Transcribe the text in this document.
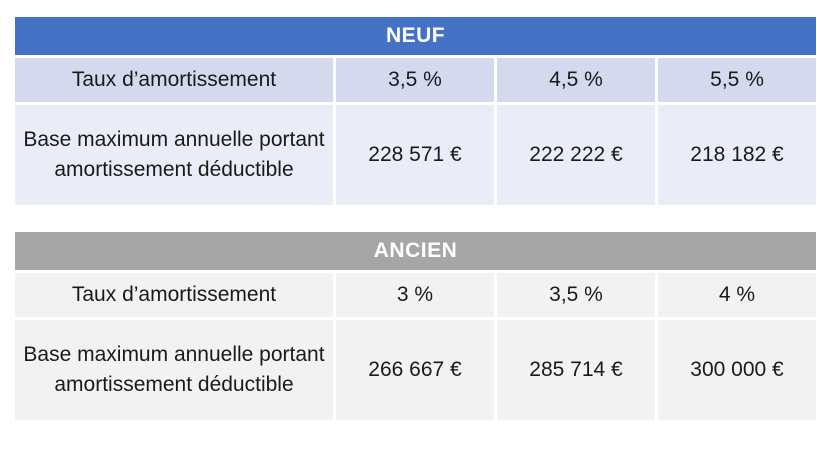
NEUF			
Taux d’amortissement	3,5 %	4,5 %	5,5 %
Base maximum annuelle portant amortissement déductible	228 571 €	222 222 €	218 182 €
ANCIEN			
Taux d’amortissement	3 %	3,5 %	4 %
Base maximum annuelle portant amortissement déductible	266 667 €	285 714 €	300 000 €
